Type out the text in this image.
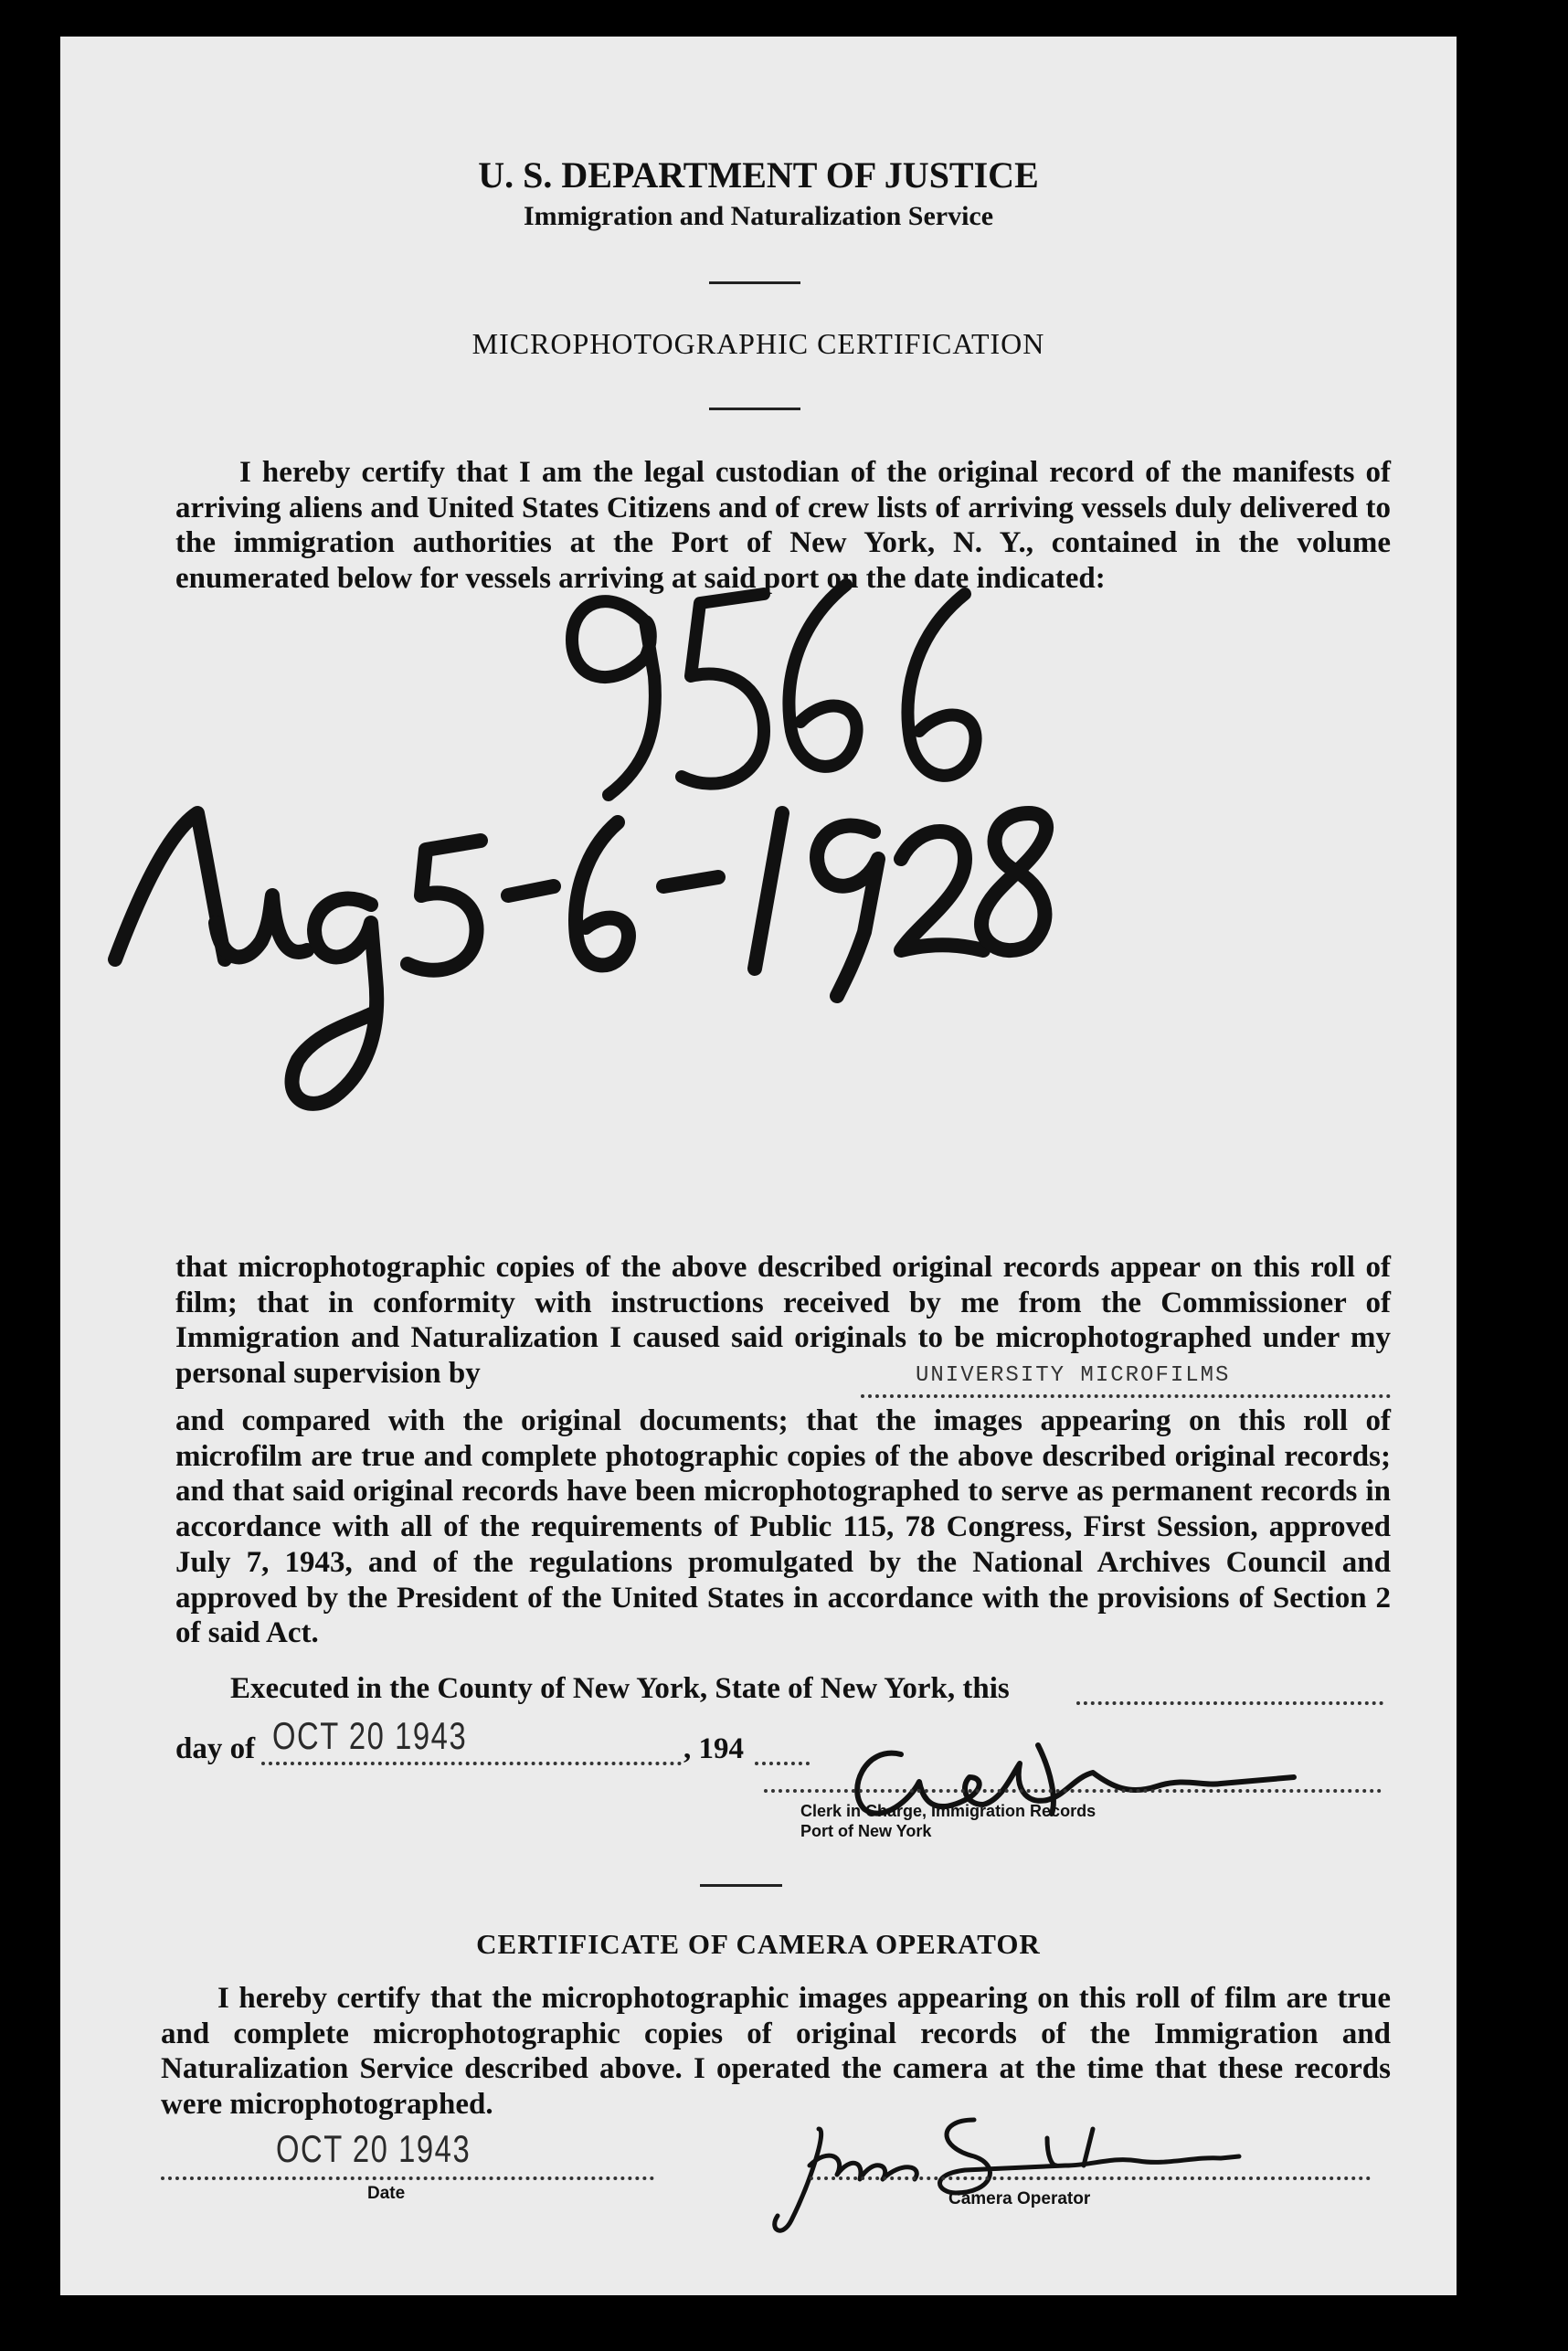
U. S. DEPARTMENT OF JUSTICE
Immigration and Naturalization Service
MICROPHOTOGRAPHIC CERTIFICATION
I hereby certify that I am the legal custodian of the original record of the manifests of arriving aliens and United States Citizens and of crew lists of arriving vessels duly delivered to the immigration authorities at the Port of New York, N. Y., contained in the volume enumerated below for vessels arriving at said port on the date indicated:
that microphotographic copies of the above described original records appear on this roll of film; that in conformity with instructions received by me from the Commissioner of Immigration and Naturalization I caused said originals to be microphotographed under my personal supervision by	UNIVERSITY MICROFILMS
and compared with the original documents; that the images appearing on this roll of microfilm are true and complete photographic copies of the above described original records; and that said original records have been microphotographed to serve as permanent records in accordance with all of the requirements of Public 115, 78 Congress, First Session, approved July 7, 1943, and of the regulations promulgated by the National Archives Council and approved by the President of the United States in accordance with the provisions of Section 2 of said Act.
Executed in the County of New York, State of New York, this
day of OCT 20 1943	, 194
Clerk in Charge, Immigration Records
Port of New York
CERTIFICATE OF CAMERA OPERATOR
I hereby certify that the microphotographic images appearing on this roll of film are true and complete microphotographic copies of original records of the Immigration and Naturalization Service described above. I operated the camera at the time that these records were microphotographed.
OCT 20 1943
Date	Camera Operator
